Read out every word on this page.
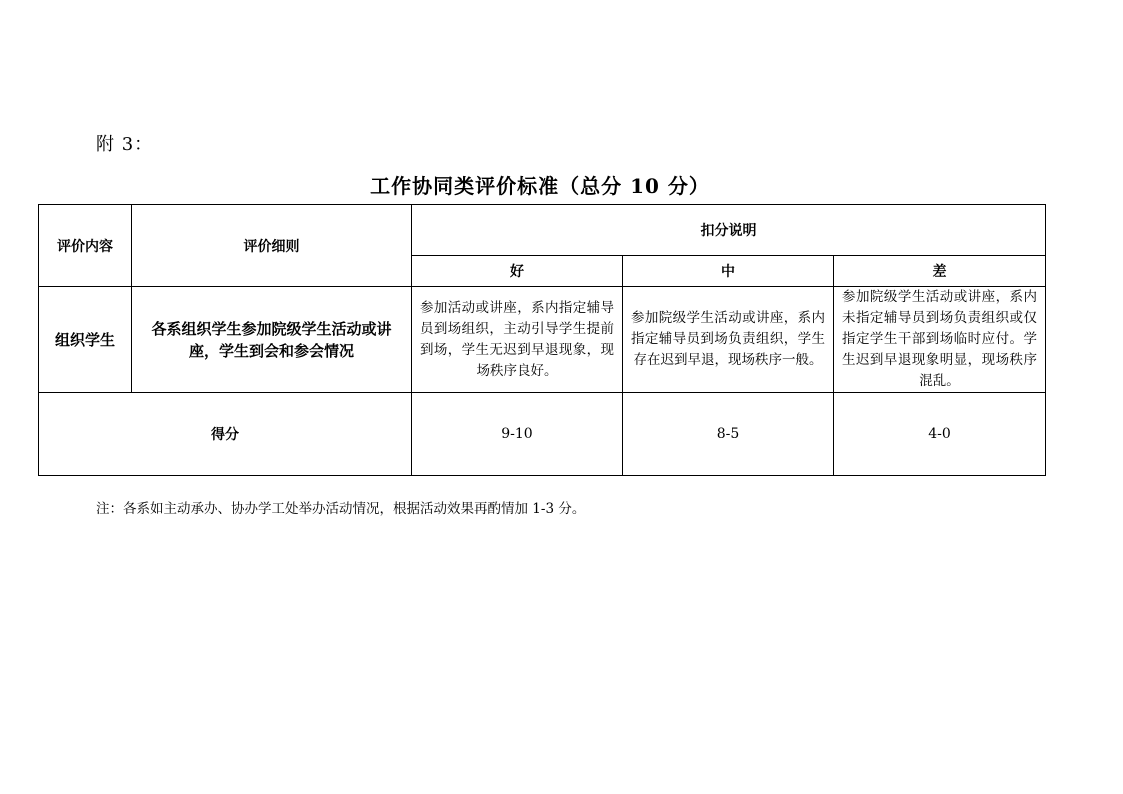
附 3：
工作协同类评价标准（总分 10 分）
评价内容	评价细则	扣分说明		
		好	中	差
组织学生	各系组织学生参加院级学生活动或讲座，学生到会和参会情况	参加活动或讲座，系内指定辅导员到场组织，主动引导学生提前到场，学生无迟到早退现象，现场秩序良好。	参加院级学生活动或讲座，系内指定辅导员到场负责组织，学生存在迟到早退，现场秩序一般。	参加院级学生活动或讲座，系内未指定辅导员到场负责组织或仅指定学生干部到场临时应付。学生迟到早退现象明显，现场秩序混乱。
得分		9-10	8-5	4-0
注：各系如主动承办、协办学工处举办活动情况，根据活动效果再酌情加 1-3 分。
